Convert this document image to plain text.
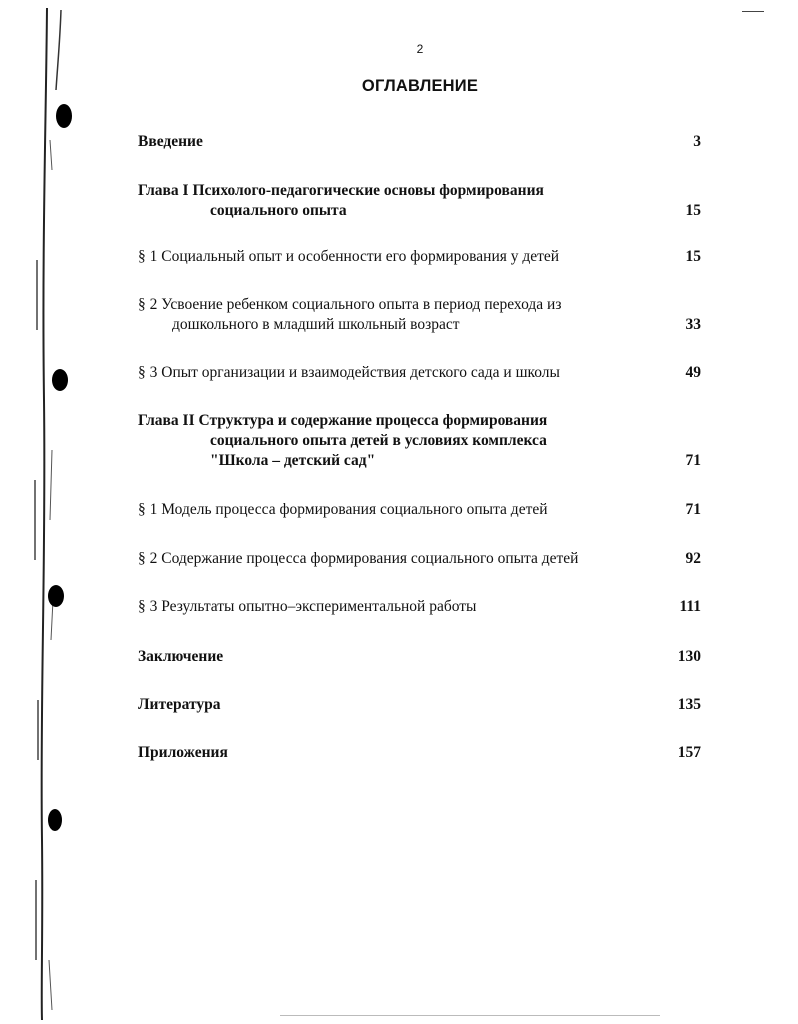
2
ОГЛАВЛЕНИЕ
Введение	3
Глава I Психолого-педагогические основы формирования
социального опыта	15
§ 1 Социальный опыт и особенности его формирования у детей	15
§ 2 Усвоение ребенком социального опыта в период перехода из
дошкольного в младший школьный возраст	33
§ 3 Опыт организации и взаимодействия детского сада и школы	49
Глава II Структура и содержание процесса формирования
социального опыта детей в условиях комплекса
"Школа – детский сад"	71
§ 1 Модель процесса формирования социального опыта детей	71
§ 2 Содержание процесса формирования социального опыта детей	92
§ 3 Результаты опытно–экспериментальной работы	111
Заключение	130
Литература	135
Приложения	157
